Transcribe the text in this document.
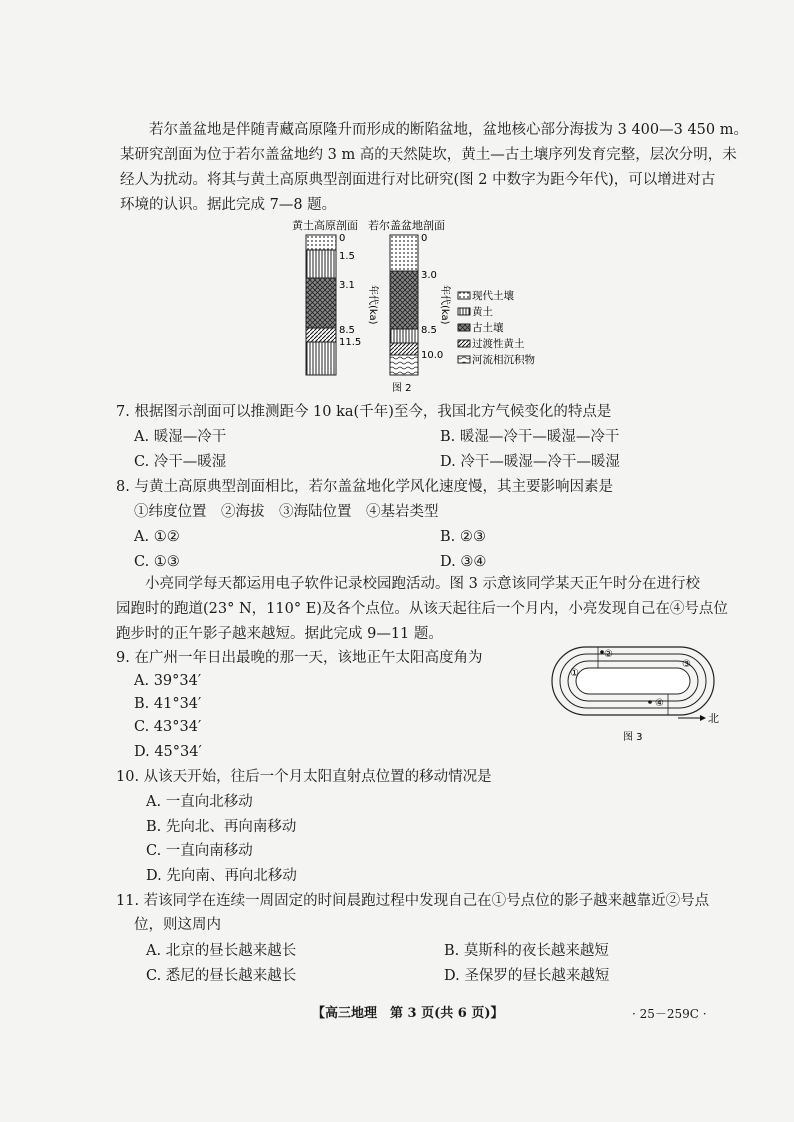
　　若尔盖盆地是伴随青藏高原隆升而形成的断陷盆地，盆地核心部分海拔为 3 400—3 450 m。
某研究剖面为位于若尔盖盆地约 3 m 高的天然陡坎，黄土—古土壤序列发育完整，层次分明，未
经人为扰动。将其与黄土高原典型剖面进行对比研究(图 2 中数字为距今年代)，可以增进对古
环境的认识。据此完成 7—8 题。
黄土高原剖面 若尔盖盆地剖面
0
1.5
3.1
8.5
11.5
0
3.0
8.5
10.0
年代(ka)	年代(ka) 现代土壤
黄土
古土壤
过渡性黄土
河流相沉积物
图 2
7. 根据图示剖面可以推测距今 10 ka(千年)至今，我国北方气候变化的特点是
A. 暖湿—冷干	B. 暖湿—冷干—暖湿—冷干
C. 冷干—暖湿	D. 冷干—暖湿—冷干—暖湿
8. 与黄土高原典型剖面相比，若尔盖盆地化学风化速度慢，其主要影响因素是
①纬度位置　②海拔　③海陆位置　④基岩类型
A. ①②	B. ②③
C. ①③	D. ③④
　　小亮同学每天都运用电子软件记录校园跑活动。图 3 示意该同学某天正午时分在进行校
园跑时的跑道(23° N，110° E)及各个点位。从该天起往后一个月内，小亮发现自己在④号点位
跑步时的正午影子越来越短。据此完成 9—11 题。
9. 在广州一年日出最晚的那一天，该地正午太阳高度角为
A. 39°34′
B. 41°34′
C. 43°34′
D. 45°34′
①
②
③
④
北
图 3
10. 从该天开始，往后一个月太阳直射点位置的移动情况是
A. 一直向北移动
B. 先向北、再向南移动
C. 一直向南移动
D. 先向南、再向北移动
11. 若该同学在连续一周固定的时间晨跑过程中发现自己在①号点位的影子越来越靠近②号点
位，则这周内
A. 北京的昼长越来越长	B. 莫斯科的夜长越来越短
C. 悉尼的昼长越来越长	D. 圣保罗的昼长越来越短
【高三地理　第 3 页(共 6 页)】	· 25－259C ·
